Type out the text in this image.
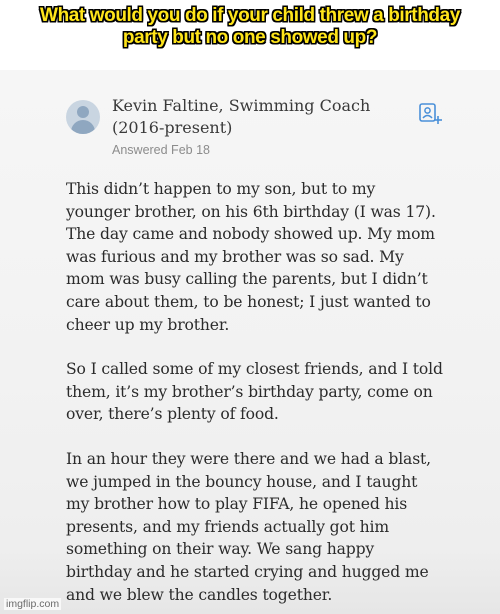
What would you do if your child threw a birthday
party but no one showed up?
Kevin Faltine, Swimming Coach
(2016-present)
Answered Feb 18
This didn’t happen to my son, but to my
younger brother, on his 6th birthday (I was 17).
The day came and nobody showed up. My mom
was furious and my brother was so sad. My
mom was busy calling the parents, but I didn’t
care about them, to be honest; I just wanted to
cheer up my brother.
So I called some of my closest friends, and I told
them, it’s my brother’s birthday party, come on
over, there’s plenty of food.
In an hour they were there and we had a blast,
we jumped in the bouncy house, and I taught
my brother how to play FIFA, he opened his
presents, and my friends actually got him
something on their way. We sang happy
birthday and he started crying and hugged me
and we blew the candles together.
imgflip.com
